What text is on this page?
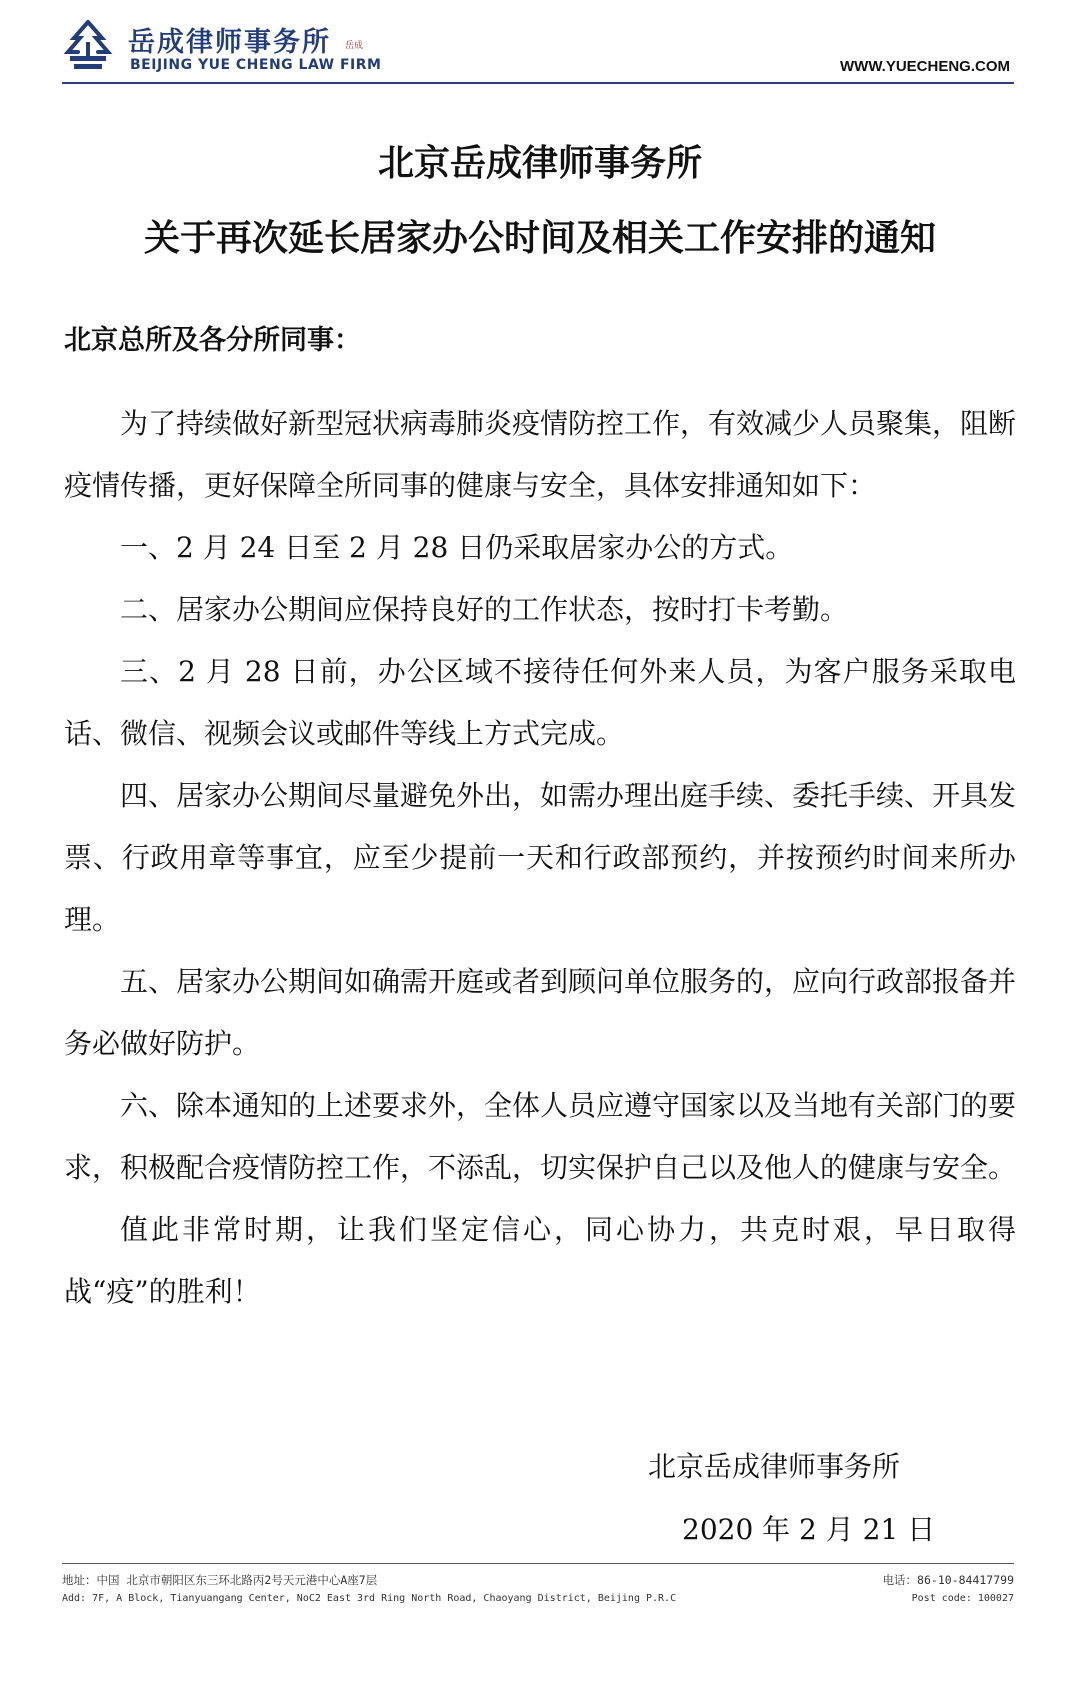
岳成律师事务所 岳成
BEIJING YUE CHENG LAW FIRM	WWW.YUECHENG.COM
北京岳成律师事务所
关于再次延长居家办公时间及相关工作安排的通知
北京总所及各分所同事：

为了持续做好新型冠状病毒肺炎疫情防控工作，有效减少人员聚集，阻断疫情传播，更好保障全所同事的健康与安全，具体安排通知如下：

一、2 月 24 日至 2 月 28 日仍采取居家办公的方式。

二、居家办公期间应保持良好的工作状态，按时打卡考勤。

三、2 月 28 日前，办公区域不接待任何外来人员，为客户服务采取电话、微信、视频会议或邮件等线上方式完成。

四、居家办公期间尽量避免外出，如需办理出庭手续、委托手续、开具发票、行政用章等事宜，应至少提前一天和行政部预约，并按预约时间来所办理。

五、居家办公期间如确需开庭或者到顾问单位服务的，应向行政部报备并务必做好防护。

六、除本通知的上述要求外，全体人员应遵守国家以及当地有关部门的要求，积极配合疫情防控工作，不添乱，切实保护自己以及他人的健康与安全。

值此非常时期，让我们坚定信心，同心协力，共克时艰，早日取得战“疫”的胜利！

北京岳成律师事务所
2020 年 2 月 21 日
地址：中国 北京市朝阳区东三环北路丙2号天元港中心A座7层	电话：86-10-84417799
Add: 7F, A Block, Tianyuangang Center, NoC2 East 3rd Ring North Road, Chaoyang District, Beijing P.R.C	Post code: 100027
